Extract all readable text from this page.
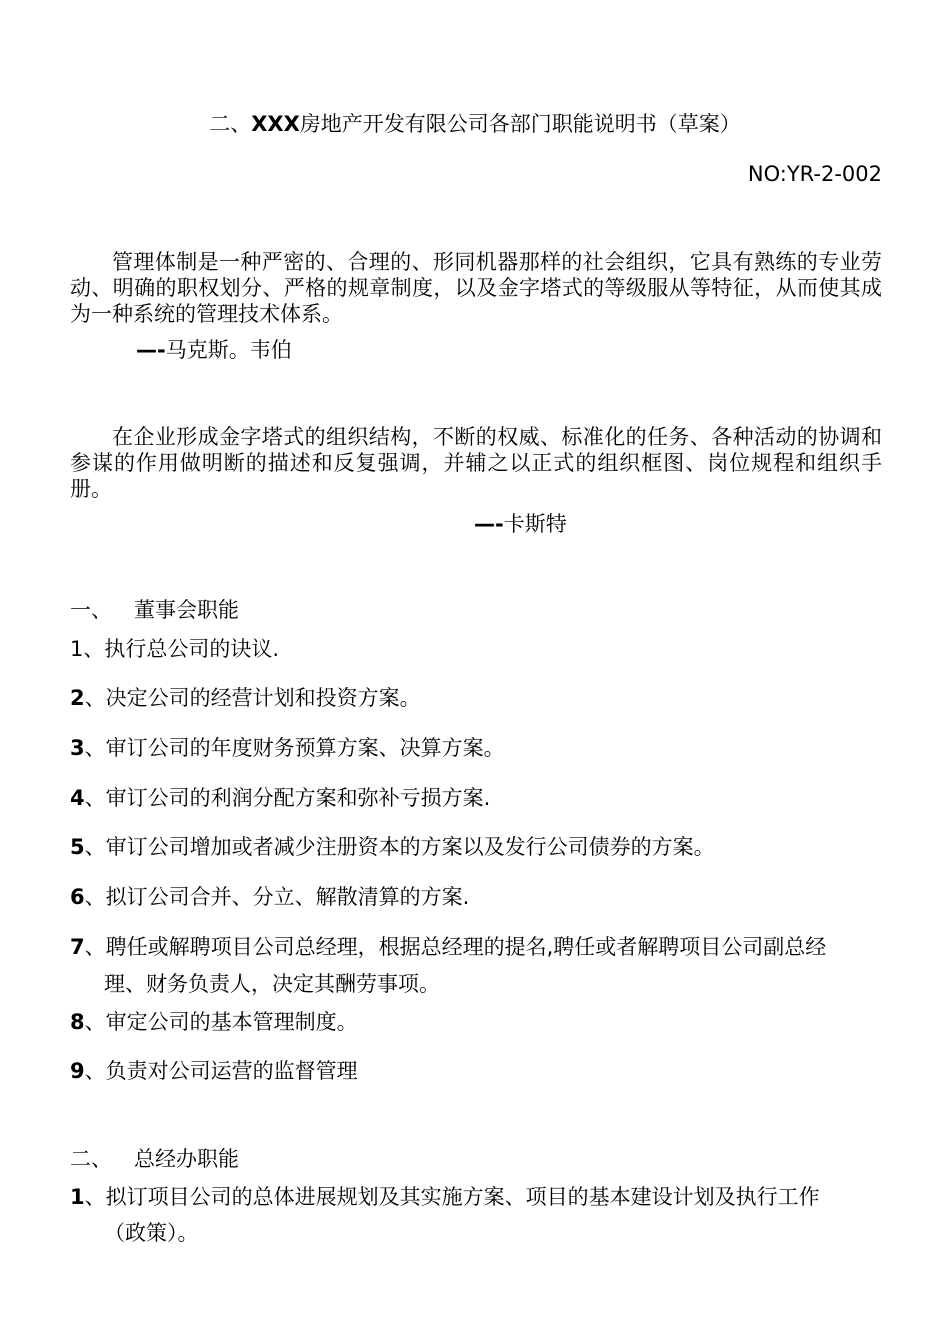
二、XXX房地产开发有限公司各部门职能说明书（草案）
NO:YR-2-002
管理体制是一种严密的、合理的、形同机器那样的社会组织，它具有熟练的专业劳动、明确的职权划分、严格的规章制度，以及金字塔式的等级服从等特征，从而使其成为一种系统的管理技术体系。
—-马克斯。韦伯
在企业形成金字塔式的组织结构，不断的权威、标准化的任务、各种活动的协调和参谋的作用做明断的描述和反复强调，并辅之以正式的组织框图、岗位规程和组织手册。
—-卡斯特
一、 董事会职能
1、执行总公司的诀议.
2、决定公司的经营计划和投资方案。
3、审订公司的年度财务预算方案、决算方案。
4、审订公司的利润分配方案和弥补亏损方案.
5、审订公司增加或者减少注册资本的方案以及发行公司债券的方案。
6、拟订公司合并、分立、解散清算的方案.
7、聘任或解聘项目公司总经理，根据总经理的提名,聘任或者解聘项目公司副总经
理、财务负责人，决定其酬劳事项。
8、审定公司的基本管理制度。
9、负责对公司运营的监督管理
二、 总经办职能
1、拟订项目公司的总体进展规划及其实施方案、项目的基本建设计划及执行工作
（政策）。
